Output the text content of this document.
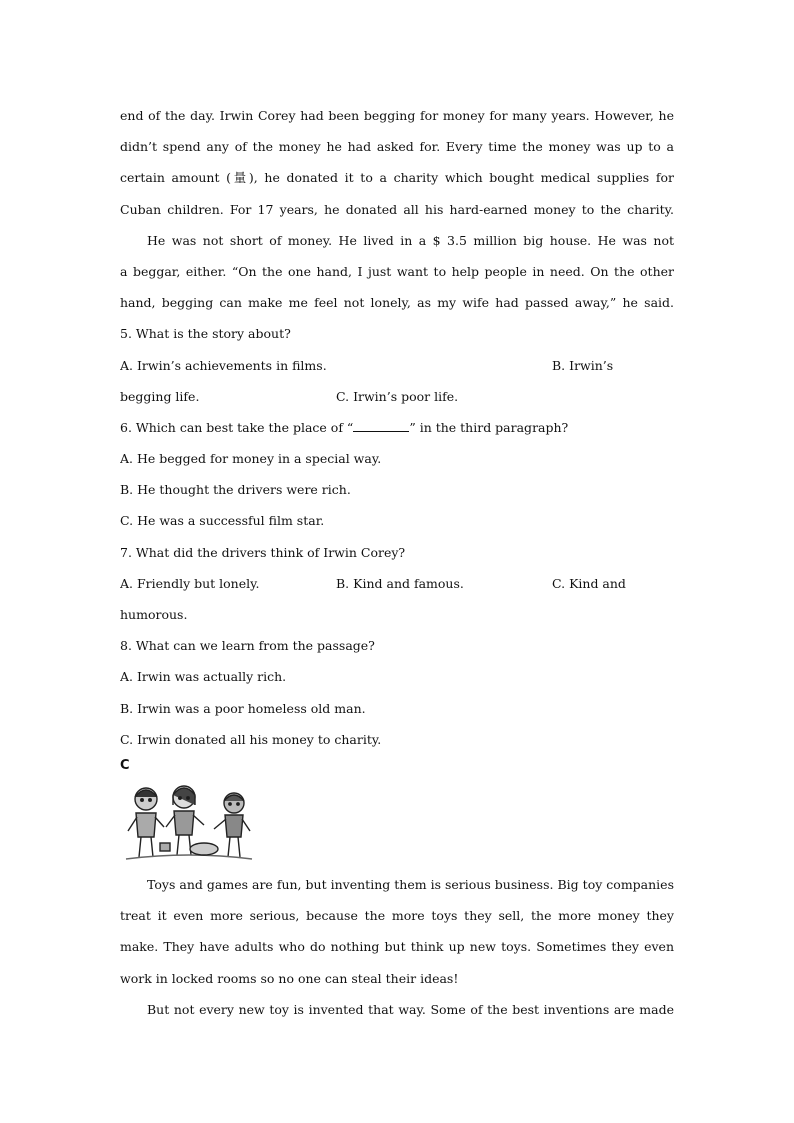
end of the day. Irwin Corey had been begging for money for many years. However, he
didn’t spend any of the money he had asked for. Every time the money was up to a
certain amount (量), he donated it to a charity which bought medical supplies for
Cuban children. For 17 years, he donated all his hard-earned money to the charity.
He was not short of money. He lived in a $ 3.5 million big house. He was not
a beggar, either. “On the one hand, I just want to help people in need. On the other
hand, begging can make me feel not lonely, as my wife had passed away,” he said.
5. What is the story about?
A. Irwin’s achievements in films.	B. Irwin’s
begging life.	C. Irwin’s poor life.
6. Which can best take the place of “	” in the third paragraph?
A. He begged for money in a special way.
B. He thought the drivers were rich.
C. He was a successful film star.
7. What did the drivers think of Irwin Corey?
A. Friendly but lonely.	B. Kind and famous.	C. Kind and
humorous.
8. What can we learn from the passage?
A. Irwin was actually rich.
B. Irwin was a poor homeless old man.
C. Irwin donated all his money to charity.
C
Toys and games are fun, but inventing them is serious business. Big toy companies
treat it even more serious, because the more toys they sell, the more money they
make. They have adults who do nothing but think up new toys. Sometimes they even
work in locked rooms so no one can steal their ideas!
But not every new toy is invented that way. Some of the best inventions are made
